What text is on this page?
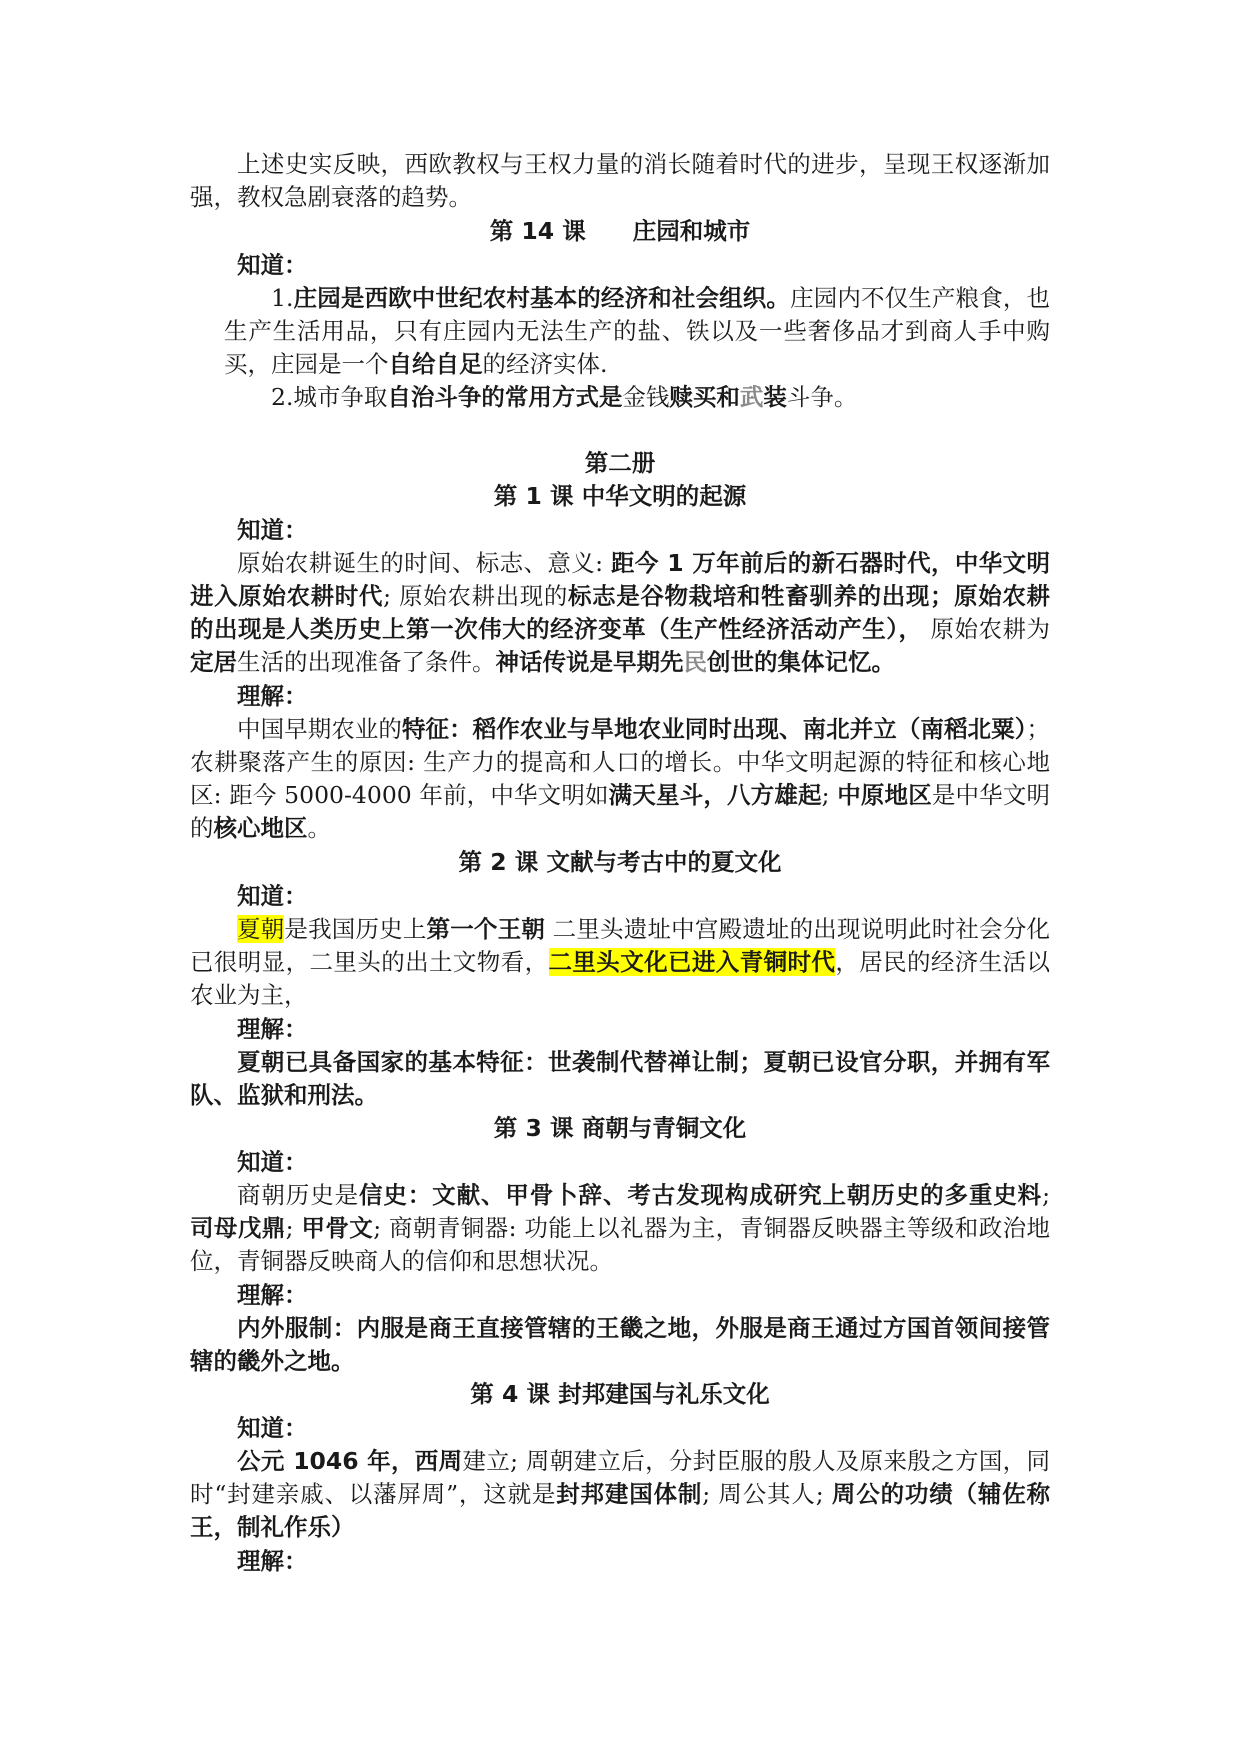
上述史实反映，西欧教权与王权力量的消长随着时代的进步，呈现王权逐渐加强，教权急剧衰落的趋势。
第 14 课　　庄园和城市
知道：
1.庄园是西欧中世纪农村基本的经济和社会组织。庄园内不仅生产粮食，也生产生活用品，只有庄园内无法生产的盐、铁以及一些奢侈品才到商人手中购买，庄园是一个自给自足的经济实体.
2.城市争取自治斗争的常用方式是金钱赎买和武装斗争。
第二册
第 1 课 中华文明的起源
知道：
原始农耕诞生的时间、标志、意义: 距今 1 万年前后的新石器时代，中华文明进入原始农耕时代; 原始农耕出现的标志是谷物栽培和牲畜驯养的出现；原始农耕的出现是人类历史上第一次伟大的经济变革（生产性经济活动产生）， 原始农耕为定居生活的出现准备了条件。神话传说是早期先民创世的集体记忆。
理解：
中国早期农业的特征：稻作农业与旱地农业同时出现、南北并立（南稻北粟）；农耕聚落产生的原因: 生产力的提高和人口的增长。中华文明起源的特征和核心地区: 距今 5000-4000 年前，中华文明如满天星斗，八方雄起; 中原地区是中华文明的核心地区。
第 2 课 文献与考古中的夏文化
知道：
夏朝是我国历史上第一个王朝 二里头遗址中宫殿遗址的出现说明此时社会分化已很明显，二里头的出土文物看，二里头文化已进入青铜时代，居民的经济生活以农业为主，
理解：
夏朝已具备国家的基本特征：世袭制代替禅让制；夏朝已设官分职，并拥有军队、监狱和刑法。
第 3 课 商朝与青铜文化
知道：
商朝历史是信史：文献、甲骨卜辞、考古发现构成研究上朝历史的多重史料; 司母戊鼎; 甲骨文; 商朝青铜器: 功能上以礼器为主，青铜器反映器主等级和政治地位，青铜器反映商人的信仰和思想状况。
理解：
内外服制：内服是商王直接管辖的王畿之地，外服是商王通过方国首领间接管辖的畿外之地。
第 4 课 封邦建国与礼乐文化
知道：
公元 1046 年，西周建立; 周朝建立后，分封臣服的殷人及原来殷之方国，同时“封建亲戚、以藩屏周”，这就是封邦建国体制; 周公其人; 周公的功绩（辅佐称王，制礼作乐）
理解：
